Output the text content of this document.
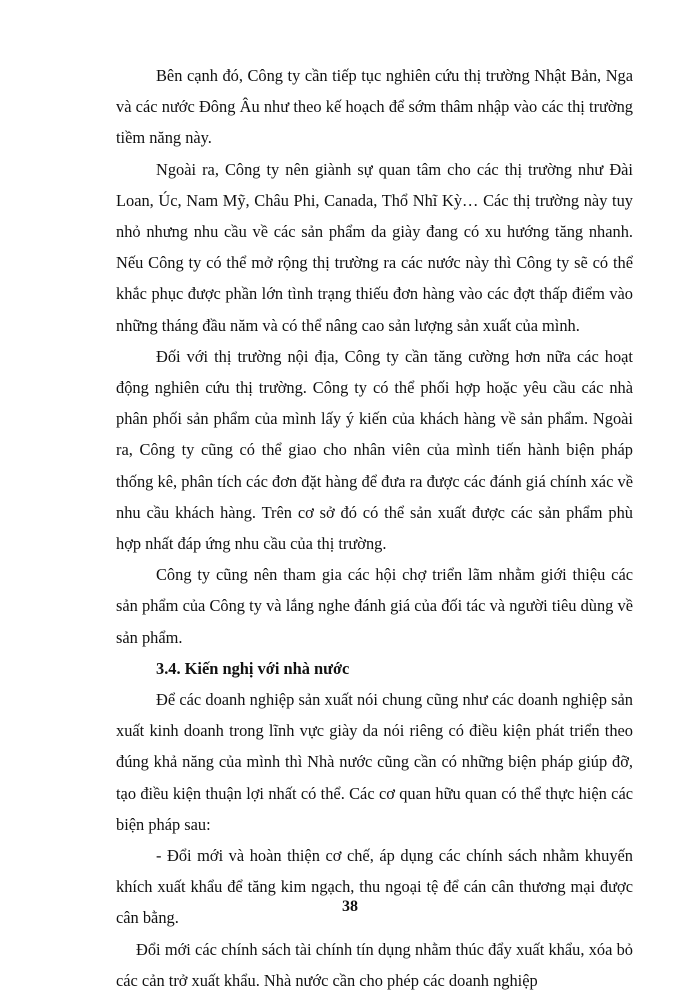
Bên cạnh đó, Công ty cần tiếp tục nghiên cứu thị trường Nhật Bản, Nga và các nước Đông Âu như theo kế hoạch để sớm thâm nhập vào các thị trường tiềm năng này.

Ngoài ra, Công ty nên giành sự quan tâm cho các thị trường như Đài Loan, Úc, Nam Mỹ, Châu Phi, Canada, Thổ Nhĩ Kỳ… Các thị trường này tuy nhỏ nhưng nhu cầu về các sản phẩm da giày đang có xu hướng tăng nhanh. Nếu Công ty có thể mở rộng thị trường ra các nước này thì Công ty sẽ có thể khắc phục được phần lớn tình trạng thiếu đơn hàng vào các đợt thấp điểm vào những tháng đầu năm và có thể nâng cao sản lượng sản xuất của mình.

Đối với thị trường nội địa, Công ty cần tăng cường hơn nữa các hoạt động nghiên cứu thị trường. Công ty có thể phối hợp hoặc yêu cầu các nhà phân phối sản phẩm của mình lấy ý kiến của khách hàng về sản phẩm. Ngoài ra, Công ty cũng có thể giao cho nhân viên của mình tiến hành biện pháp thống kê, phân tích các đơn đặt hàng để đưa ra được các đánh giá chính xác về nhu cầu khách hàng. Trên cơ sở đó có thể sản xuất được các sản phẩm phù hợp nhất đáp ứng nhu cầu của thị trường.

Công ty cũng nên tham gia các hội chợ triển lãm nhằm giới thiệu các sản phẩm của Công ty và lắng nghe đánh giá của đối tác và người tiêu dùng về sản phẩm.

3.4. Kiến nghị với nhà nước

Để các doanh nghiệp sản xuất nói chung cũng như các doanh nghiệp sản xuất kinh doanh trong lĩnh vực giày da nói riêng có điều kiện phát triển theo đúng khả năng của mình thì Nhà nước cũng cần có những biện pháp giúp đỡ, tạo điều kiện thuận lợi nhất có thể. Các cơ quan hữu quan có thể thực hiện các biện pháp sau:

- Đổi mới và hoàn thiện cơ chế, áp dụng các chính sách nhằm khuyến khích xuất khẩu để tăng kim ngạch, thu ngoại tệ để cán cân thương mại được cân bằng.

Đổi mới các chính sách tài chính tín dụng nhằm thúc đẩy xuất khẩu, xóa bỏ các cản trở xuất khẩu. Nhà nước cần cho phép các doanh nghiệp

38
